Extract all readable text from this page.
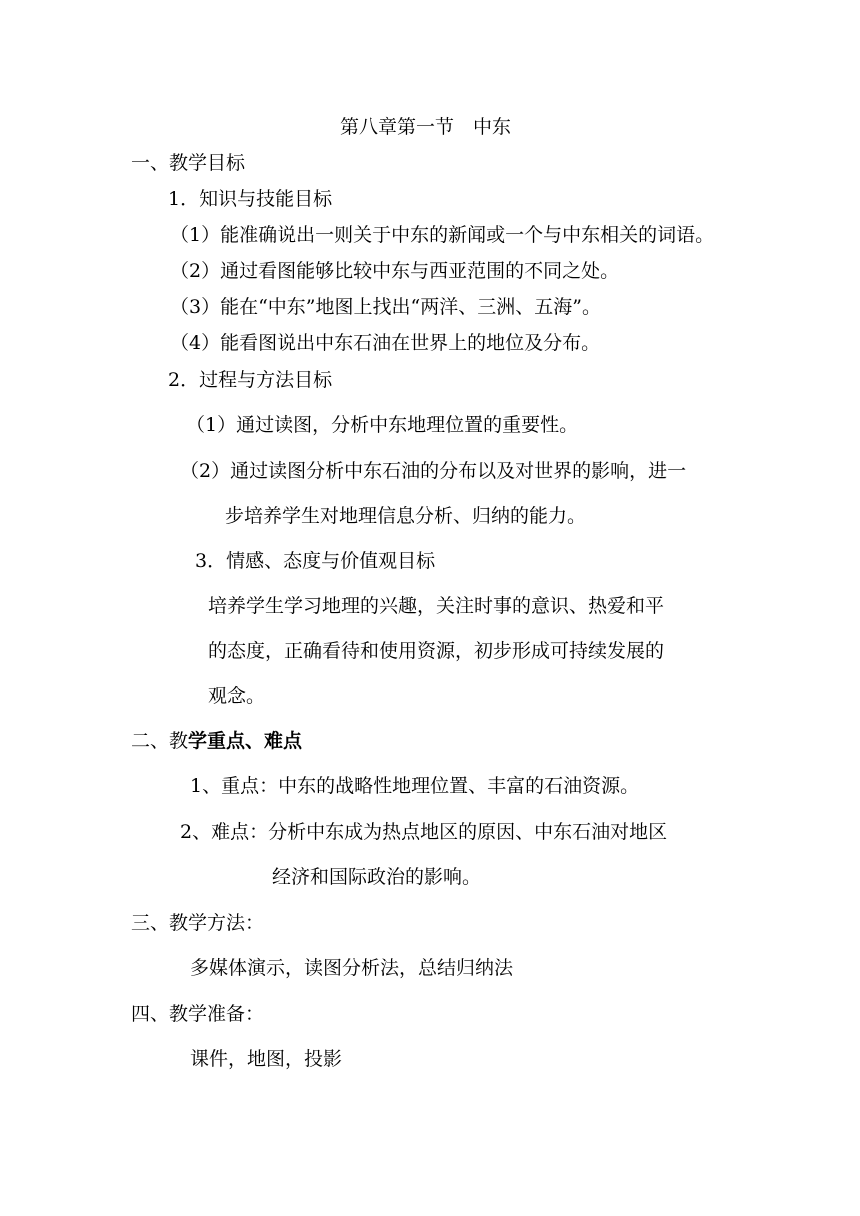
第八章第一节　中东
一、教学目标
1．知识与技能目标
（1）能准确说出一则关于中东的新闻或一个与中东相关的词语。
（2）通过看图能够比较中东与西亚范围的不同之处。
（3）能在“中东”地图上找出“两洋、三洲、五海”。
（4）能看图说出中东石油在世界上的地位及分布。
2．过程与方法目标
（1）通过读图，分析中东地理位置的重要性。
（2）通过读图分析中东石油的分布以及对世界的影响，进一
步培养学生对地理信息分析、归纳的能力。
3．情感、态度与价值观目标
培养学生学习地理的兴趣，关注时事的意识、热爱和平
的态度，正确看待和使用资源，初步形成可持续发展的
观念。
二、教学重点、难点
1、重点：中东的战略性地理位置、丰富的石油资源。
2、难点：分析中东成为热点地区的原因、中东石油对地区
经济和国际政治的影响。
三、教学方法：
多媒体演示，读图分析法，总结归纳法
四、教学准备：
课件，地图，投影
